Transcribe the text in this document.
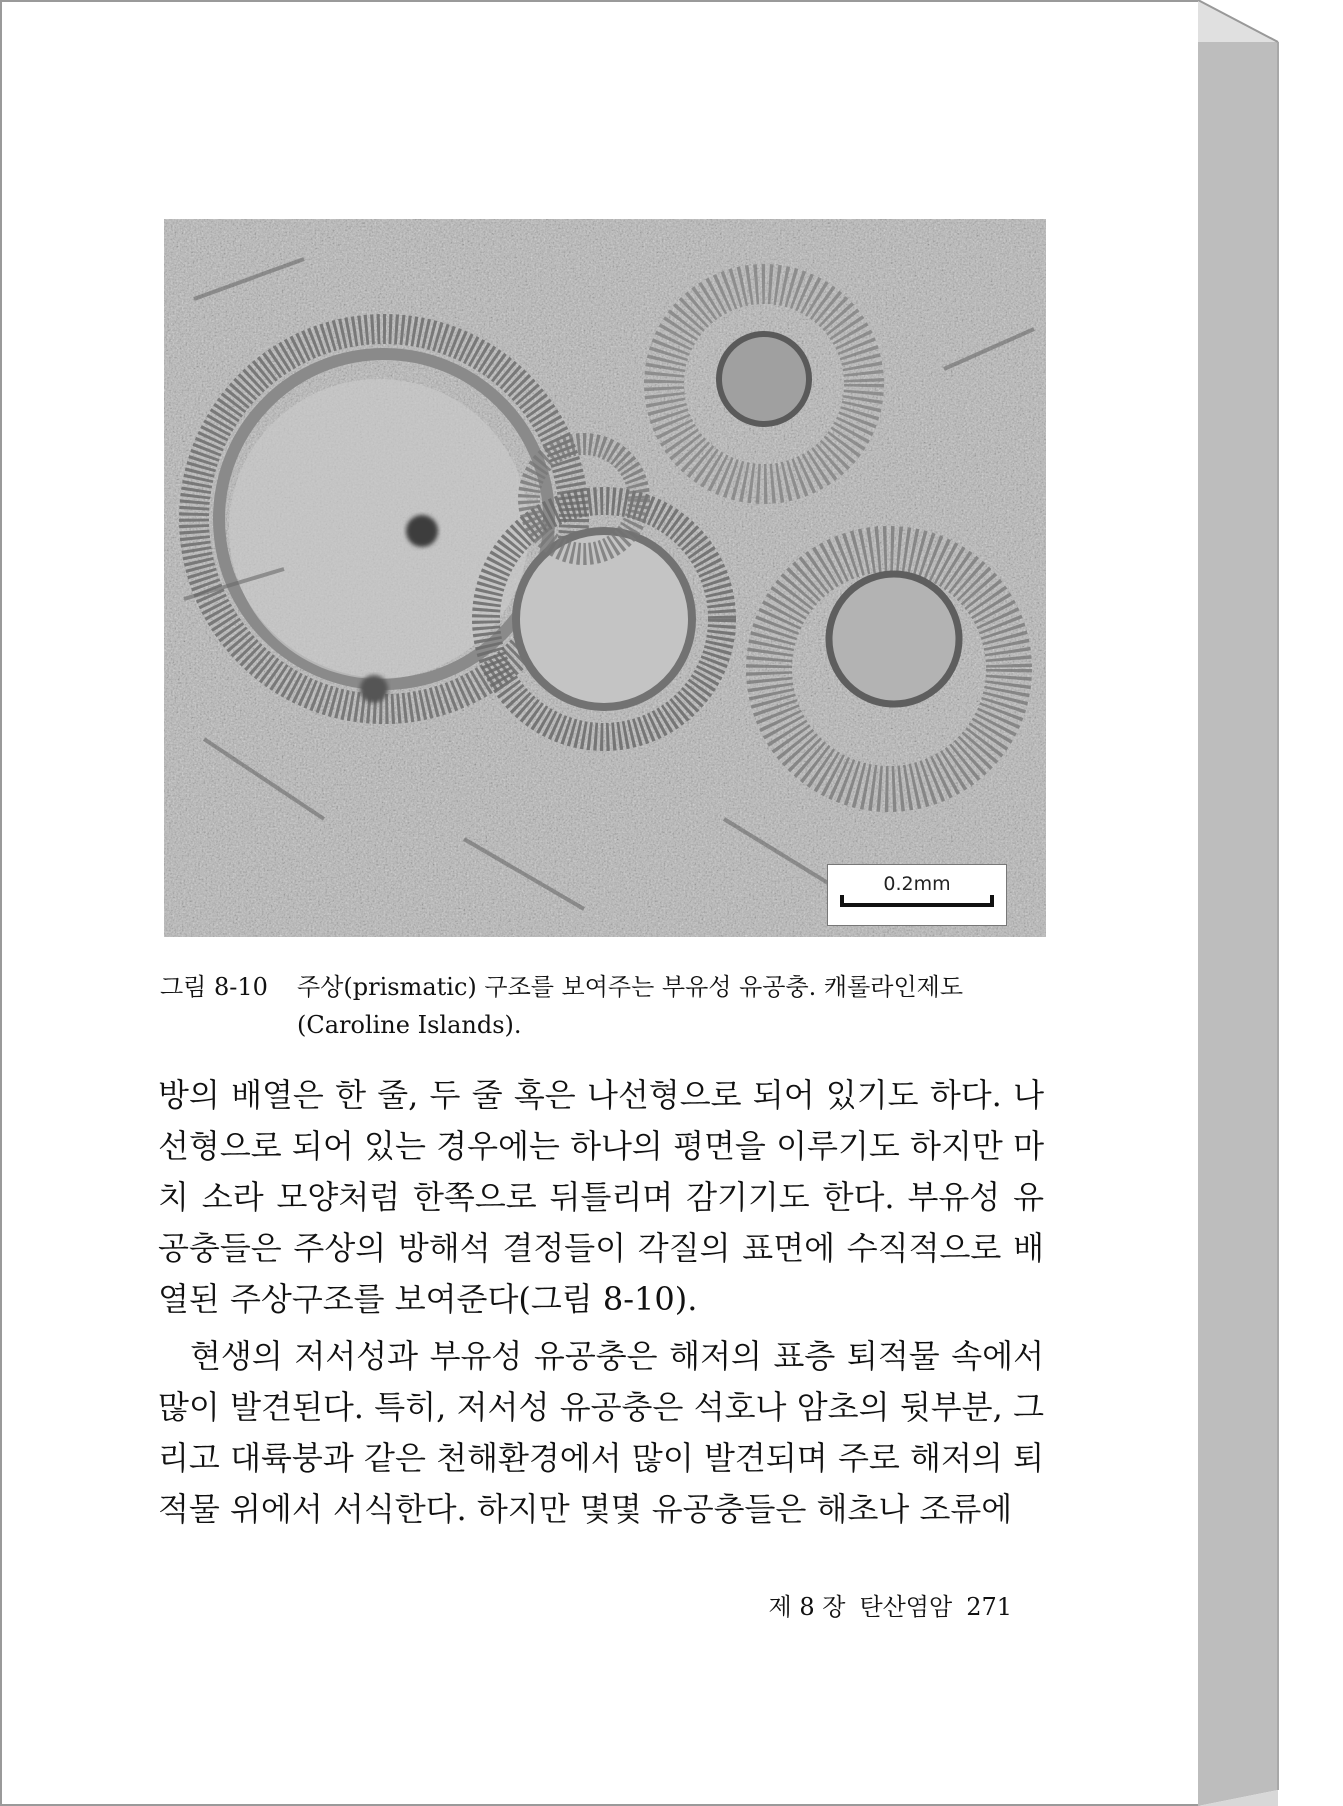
0.2mm
그림 8-10 주상(prismatic) 구조를 보여주는 부유성 유공충. 캐롤라인제도
(Caroline Islands).

방의 배열은 한 줄, 두 줄 혹은 나선형으로 되어 있기도 하다. 나선형으로 되어 있는 경우에는 하나의 평면을 이루기도 하지만 마치 소라 모양처럼 한쪽으로 뒤틀리며 감기기도 한다. 부유성 유공충들은 주상의 방해석 결정들이 각질의 표면에 수직적으로 배열된 주상구조를 보여준다(그림 8-10).

현생의 저서성과 부유성 유공충은 해저의 표층 퇴적물 속에서 많이 발견된다. 특히, 저서성 유공충은 석호나 암초의 뒷부분, 그리고 대륙붕과 같은 천해환경에서 많이 발견되며 주로 해저의 퇴적물 위에서 서식한다. 하지만 몇몇 유공충들은 해초나 조류에

제 8 장 탄산염암 271
